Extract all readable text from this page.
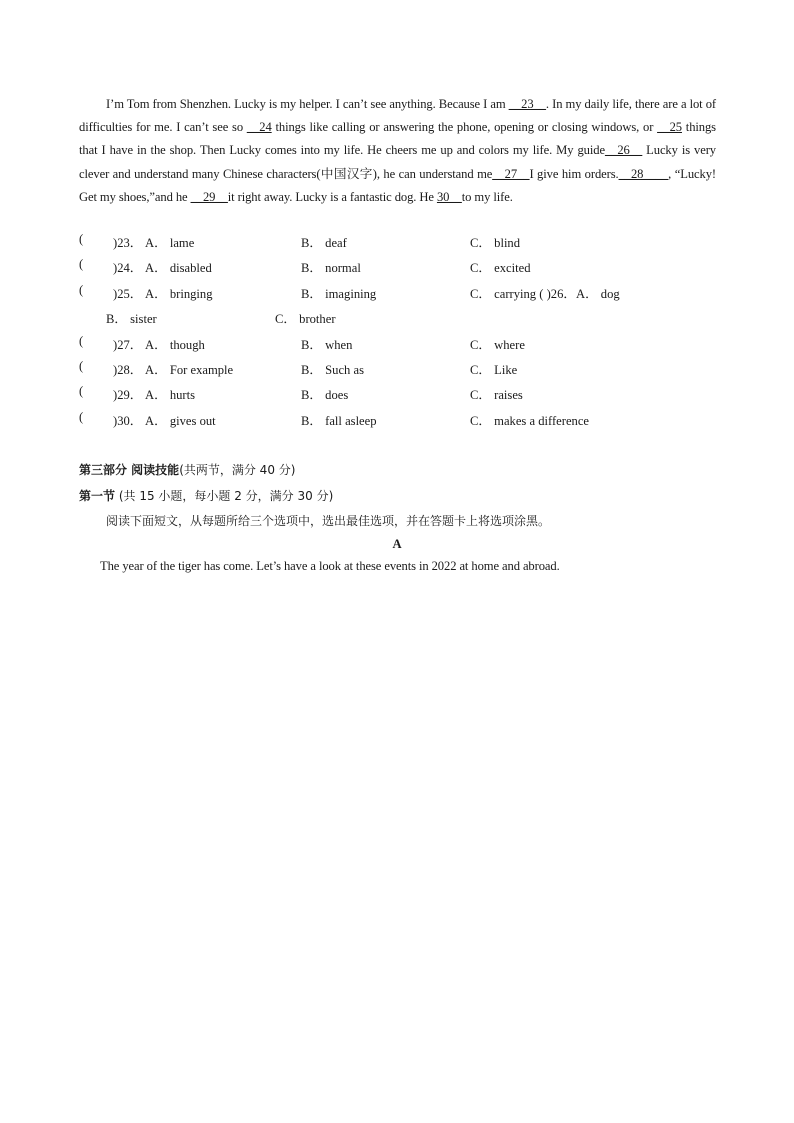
I’m Tom from Shenzhen. Lucky is my helper. I can’t see anything. Because I am __23__. In my daily life, there are a lot of difficulties for me. I can’t see so __24 things like calling or answering the phone, opening or closing windows, or __25 things that I have in the shop. Then Lucky comes into my life. He cheers me up and colors my life. My guide__26__ Lucky is very clever and understand many Chinese characters(中国汉字), he can understand me__27__I give him orders.__28____, “Lucky! Get my shoes,”and he __29__it right away. Lucky is a fantastic dog. He 30__to my life.

( )23． A． lame	B． deaf	C． blind
( )24． A． disabled	B． normal	C． excited
( )25． A． bringing	B． imagining	C． carrying ( )26．A． dog
B． sister	C． brother
( )27． A． though	B． when	C． where
( )28． A． For example	B． Such as	C． Like
( )29． A． hurts	B． does	C． raises
( )30． A． gives out	B． fall asleep	C． makes a difference
第三部分 阅读技能(共两节，满分 40 分)
第一节 (共 15 小题，每小题 2 分，满分 30 分)
阅读下面短文，从每题所给三个选项中，选出最佳选项，并在答题卡上将选项涂黑。
A
The year of the tiger has come. Let’s have a look at these events in 2022 at home and abroad.
